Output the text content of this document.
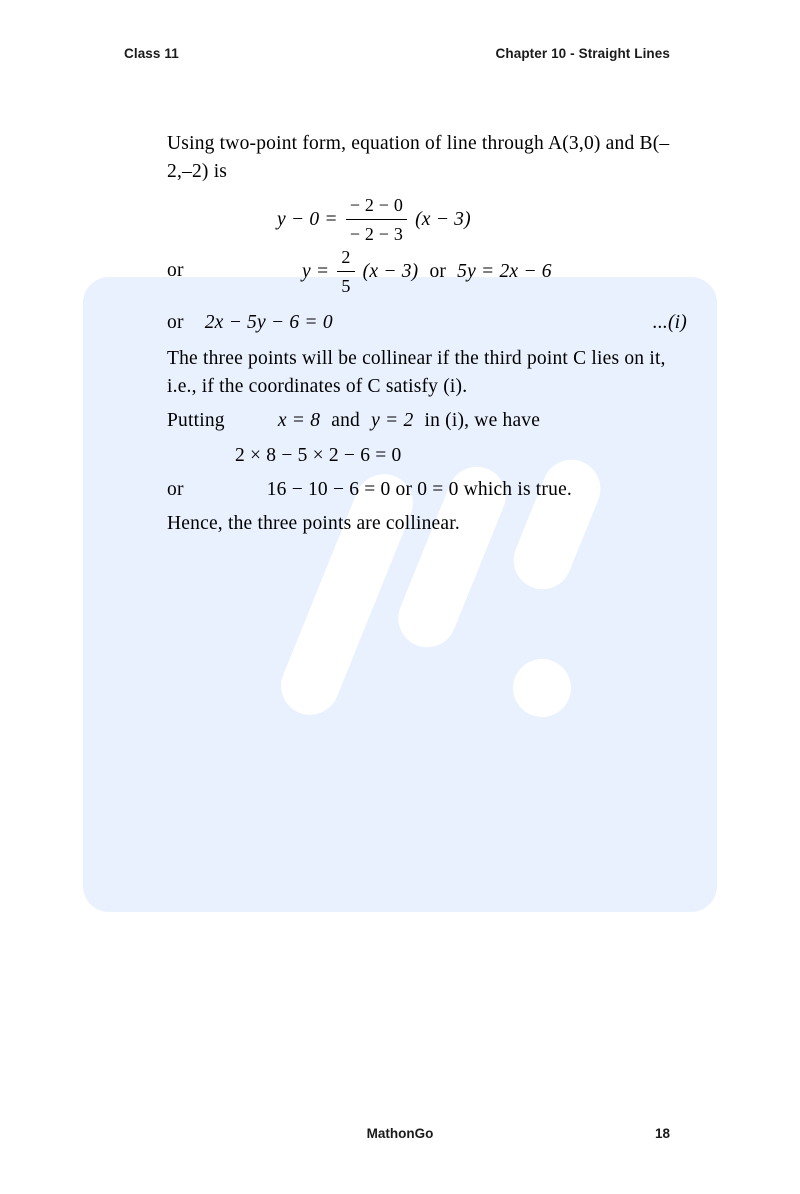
Class 11	Chapter 10 - Straight Lines
Using two-point form, equation of line through A(3,0) and B(–2,–2) is
$y - 0 = \frac{- 2 - 0}{- 2 - 3} (x - 3)$
or	$y = \frac{2}{5} (x - 3)$ or 5y = 2x − 6
or 2x − 5y − 6 = 0	...(i)
The three points will be collinear if the third point C lies on it, i.e., if the coordinates of C satisfy (i).
Putting	x = 8 and y = 2 in (i), we have
2 × 8 − 5 × 2 − 6 = 0
or	16 − 10 − 6 = 0 or 0 = 0 which is true.
Hence, the three points are collinear.
MathonGo	18
